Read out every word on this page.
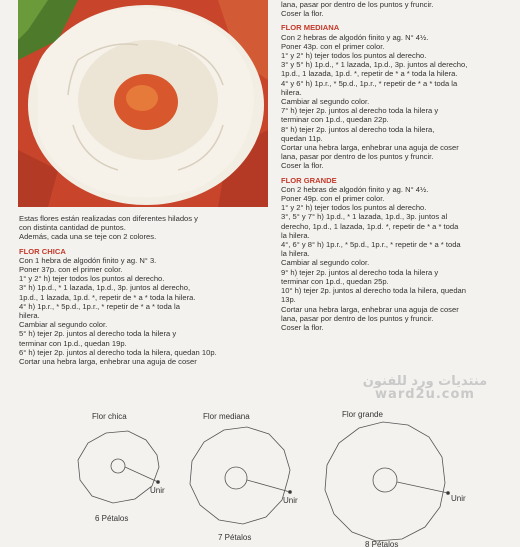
Estas flores están realizadas con diferentes hilados y

con distinta cantidad de puntos.

Además, cada una se teje con 2 colores.

FLOR CHICA

Con 1 hebra de algodón finito y ag. N° 3.

Poner 37p. con el primer color.

1° y 2° h) tejer todos los puntos al derecho.

3° h) 1p.d., * 1 lazada, 1p.d., 3p. juntos al derecho,

1p.d., 1 lazada, 1p.d. *, repetir de * a * toda la hilera.

4° h) 1p.r., * 5p.d., 1p.r., * repetir de * a * toda la

hilera.

Cambiar al segundo color.

5° h) tejer 2p. juntos al derecho toda la hilera y

terminar con 1p.d., quedan 19p.

6° h) tejer 2p. juntos al derecho toda la hilera, quedan 10p.

Cortar una hebra larga, enhebrar una aguja de coser

lana, pasar por dentro de los puntos y fruncir.

Coser la flor.

FLOR MEDIANA

Con 2 hebras de algodón finito y ag. N° 4½.

Poner 43p. con el primer color.

1° y 2° h) tejer todos los puntos al derecho.

3° y 5° h) 1p.d., * 1 lazada, 1p.d., 3p. juntos al derecho,

1p.d., 1 lazada, 1p.d. *, repetir de * a * toda la hilera.

4° y 6° h) 1p.r., * 5p.d., 1p.r., * repetir de * a * toda la

hilera.

Cambiar al segundo color.

7° h) tejer 2p. juntos al derecho toda la hilera y

terminar con 1p.d., quedan 22p.

8° h) tejer 2p. juntos al derecho toda la hilera,

quedan 11p.

Cortar una hebra larga, enhebrar una aguja de coser

lana, pasar por dentro de los puntos y fruncir.

Coser la flor.

FLOR GRANDE

Con 2 hebras de algodón finito y ag. N° 4½.

Poner 49p. con el primer color.

1° y 2° h) tejer todos los puntos al derecho.

3°, 5° y 7° h) 1p.d., * 1 lazada, 1p.d., 3p. juntos al

derecho, 1p.d., 1 lazada, 1p.d. *, repetir de * a * toda

la hilera.

4°, 6° y 8° h) 1p.r., * 5p.d., 1p.r., * repetir de * a * toda

la hilera.

Cambiar al segundo color.

9° h) tejer 2p. juntos al derecho toda la hilera y

terminar con 1p.d., quedan 25p.

10° h) tejer 2p. juntos al derecho toda la hilera, quedan

13p.

Cortar una hebra larga, enhebrar una aguja de coser

lana, pasar por dentro de los puntos y fruncir.

Coser la flor.

منتديات ورد للفنون
ward2u.com
Flor chica
Unir
6 Pétalos
Flor mediana
Unir
7 Pétalos
Flor grande
Unir
8 Pétalos
